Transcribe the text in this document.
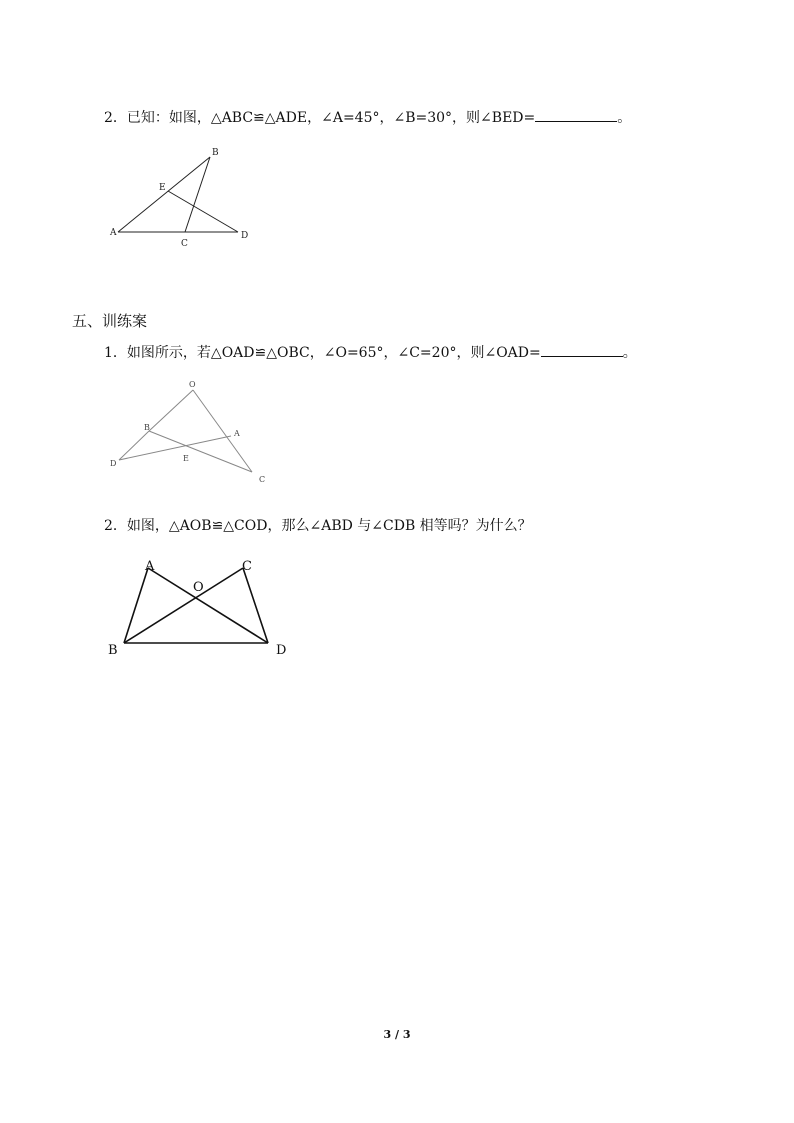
2．已知：如图，△ABC≌△ADE，∠A=45°，∠B=30°，则∠BED=	。
A
B
C
D
E
五、训练案
1．如图所示，若△OAD≌△OBC，∠O=65°，∠C=20°，则∠OAD=	。
O
A
B
C
D
E
2．如图，△AOB≌△COD，那么∠ABD 与∠CDB 相等吗？为什么？
A	C
O
B	D
3 / 3
